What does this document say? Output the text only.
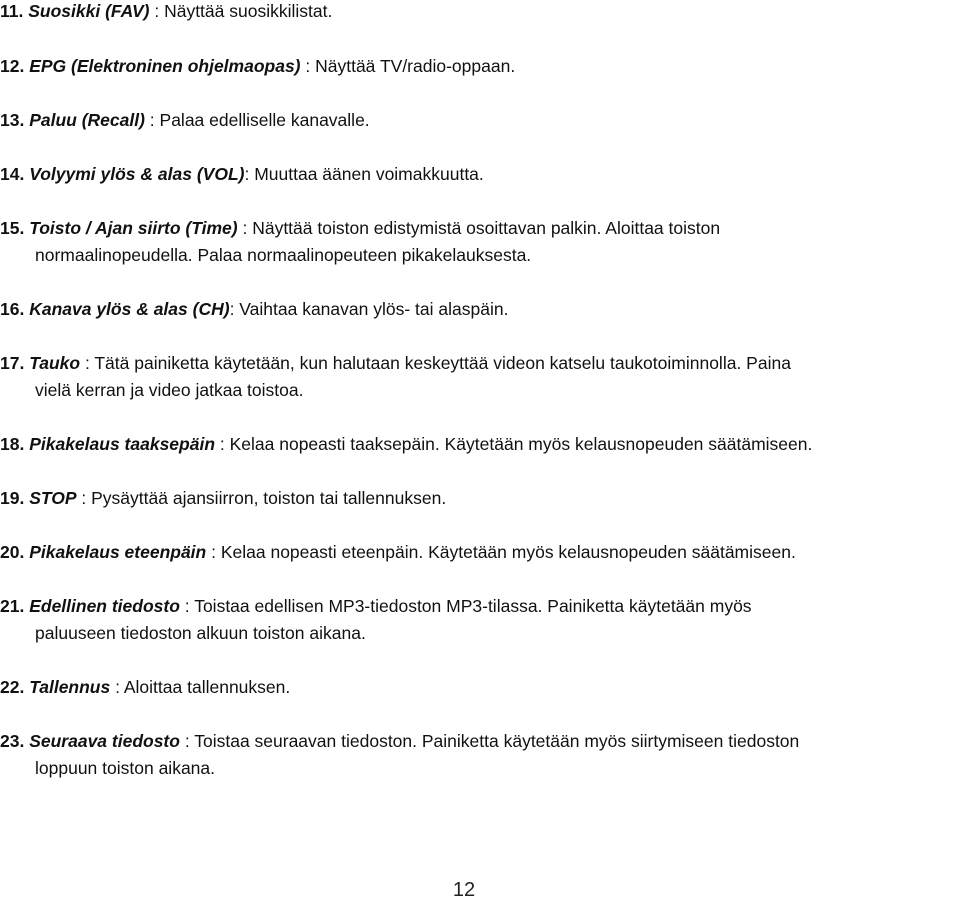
11. Suosikki (FAV) : Näyttää suosikkilistat.

12. EPG (Elektroninen ohjelmaopas) : Näyttää TV/radio-oppaan.

13. Paluu (Recall) : Palaa edelliselle kanavalle.

14. Volyymi ylös & alas (VOL): Muuttaa äänen voimakkuutta.

15. Toisto / Ajan siirto (Time) : Näyttää toiston edistymistä osoittavan palkin. Aloittaa toiston
normaalinopeudella. Palaa normaalinopeuteen pikakelauksesta.

16. Kanava ylös & alas (CH): Vaihtaa kanavan ylös- tai alaspäin.

17. Tauko : Tätä painiketta käytetään, kun halutaan keskeyttää videon katselu taukotoiminnolla. Paina
vielä kerran ja video jatkaa toistoa.

18. Pikakelaus taaksepäin : Kelaa nopeasti taaksepäin. Käytetään myös kelausnopeuden säätämiseen.

19. STOP : Pysäyttää ajansiirron, toiston tai tallennuksen.

20. Pikakelaus eteenpäin : Kelaa nopeasti eteenpäin. Käytetään myös kelausnopeuden säätämiseen.

21. Edellinen tiedosto : Toistaa edellisen MP3-tiedoston MP3-tilassa. Painiketta käytetään myös
paluuseen tiedoston alkuun toiston aikana.

22. Tallennus : Aloittaa tallennuksen.

23. Seuraava tiedosto : Toistaa seuraavan tiedoston. Painiketta käytetään myös siirtymiseen tiedoston
loppuun toiston aikana.

12
